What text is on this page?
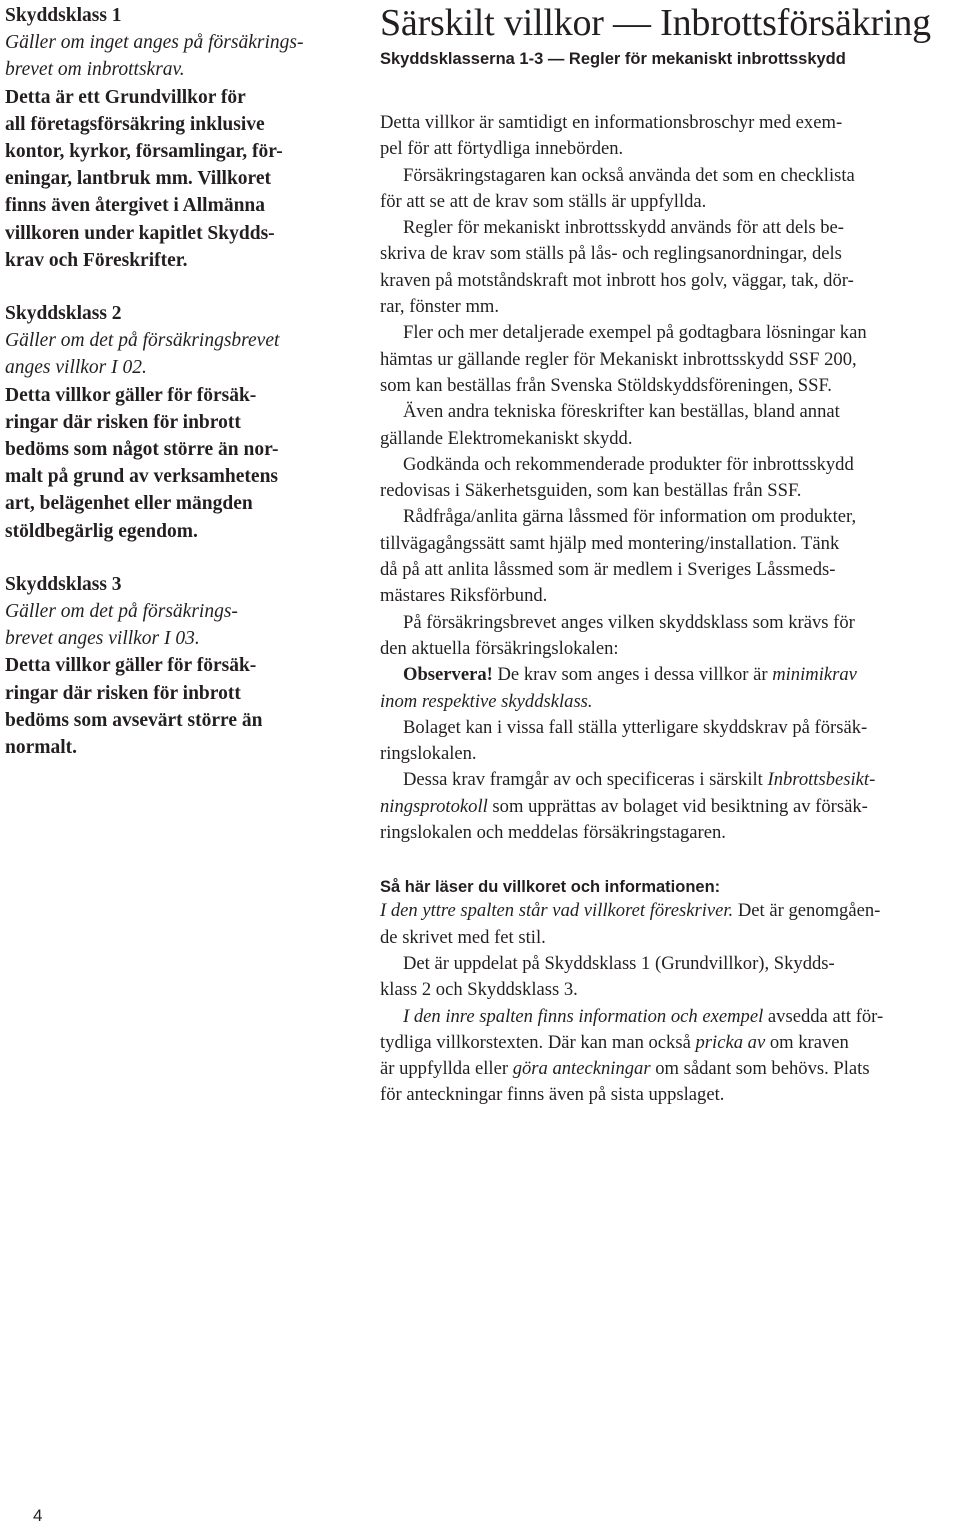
Skyddsklass 1
Gäller om inget anges på försäkrings-
brevet om inbrottskrav.
Detta är ett Grundvillkor för
all företagsförsäkring inklusive
kontor, kyrkor, församlingar, för-
eningar, lantbruk mm. Villkoret
finns även återgivet i Allmänna
villkoren under kapitlet Skydds-
krav och Föreskrifter.
Skyddsklass 2
Gäller om det på försäkringsbrevet
anges villkor I 02.
Detta villkor gäller för försäk-
ringar där risken för inbrott
bedöms som något större än nor-
malt på grund av verksamhetens
art, belägenhet eller mängden
stöldbegärlig egendom.
Skyddsklass 3
Gäller om det på försäkrings-
brevet anges villkor I 03.
Detta villkor gäller för försäk-
ringar där risken för inbrott
bedöms som avsevärt större än
normalt.
Särskilt villkor — Inbrottsförsäkring
Skyddsklasserna 1-3 — Regler för mekaniskt inbrottsskydd
Detta villkor är samtidigt en informationsbroschyr med exem-
pel för att förtydliga innebörden.
Försäkringstagaren kan också använda det som en checklista
för att se att de krav som ställs är uppfyllda.
Regler för mekaniskt inbrottsskydd används för att dels be-
skriva de krav som ställs på lås- och reglingsanordningar, dels
kraven på motståndskraft mot inbrott hos golv, väggar, tak, dör-
rar, fönster mm.
Fler och mer detaljerade exempel på godtagbara lösningar kan
hämtas ur gällande regler för Mekaniskt inbrottsskydd SSF 200,
som kan beställas från Svenska Stöldskyddsföreningen, SSF.
Även andra tekniska föreskrifter kan beställas, bland annat
gällande Elektromekaniskt skydd.
Godkända och rekommenderade produkter för inbrottsskydd
redovisas i Säkerhetsguiden, som kan beställas från SSF.
Rådfråga/anlita gärna låssmed för information om produkter,
tillvägagångssätt samt hjälp med montering/installation. Tänk
då på att anlita låssmed som är medlem i Sveriges Låssmeds-
mästares Riksförbund.
På försäkringsbrevet anges vilken skyddsklass som krävs för
den aktuella försäkringslokalen:
Observera! De krav som anges i dessa villkor är minimikrav
inom respektive skyddsklass.
Bolaget kan i vissa fall ställa ytterligare skyddskrav på försäk-
ringslokalen.
Dessa krav framgår av och specificeras i särskilt Inbrottsbesikt-
ningsprotokoll som upprättas av bolaget vid besiktning av försäk-
ringslokalen och meddelas försäkringstagaren.
Så här läser du villkoret och informationen:
I den yttre spalten står vad villkoret föreskriver. Det är genomgåen-
de skrivet med fet stil.
Det är uppdelat på Skyddsklass 1 (Grundvillkor), Skydds-
klass 2 och Skyddsklass 3.
I den inre spalten finns information och exempel avsedda att för-
tydliga villkorstexten. Där kan man också pricka av om kraven
är uppfyllda eller göra anteckningar om sådant som behövs. Plats
för anteckningar finns även på sista uppslaget.
4
